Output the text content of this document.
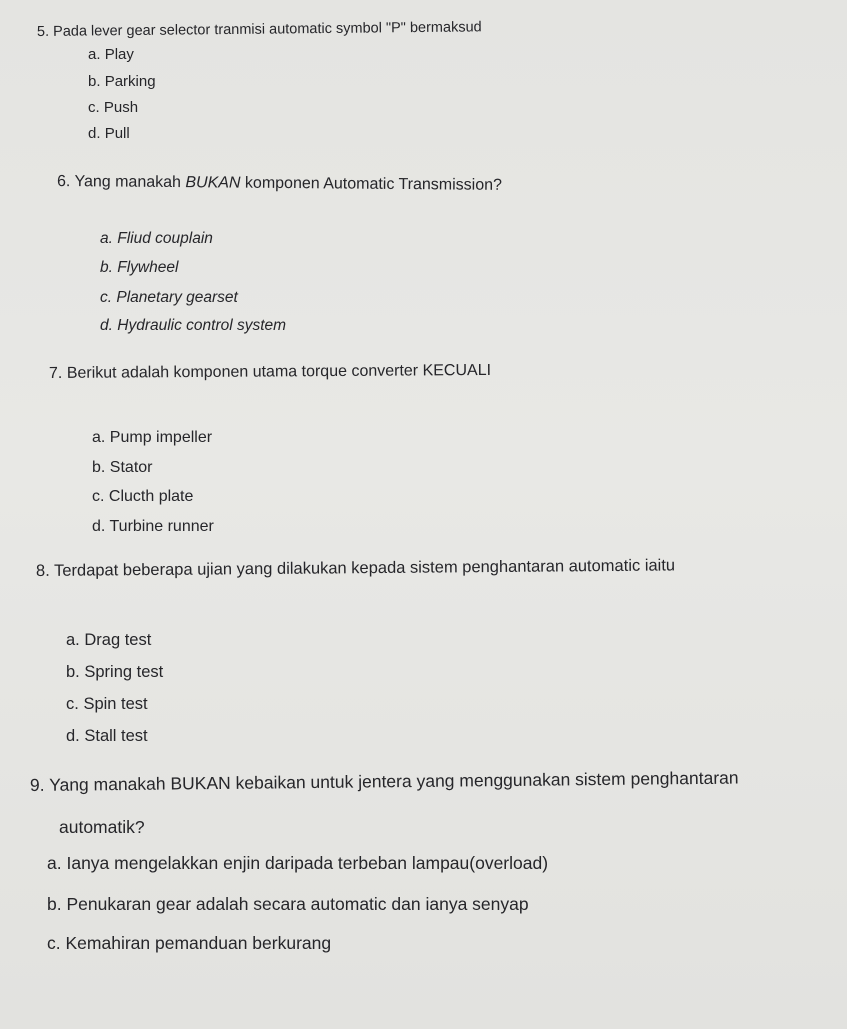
5. Pada lever gear selector tranmisi automatic symbol "P" bermaksud

a. Play
b. Parking
c. Push
d. Pull

6. Yang manakah BUKAN komponen Automatic Transmission?

a. Fliud couplain
b. Flywheel
c. Planetary gearset
d. Hydraulic control system

7. Berikut adalah komponen utama torque converter KECUALI

a. Pump impeller
b. Stator
c. Clucth plate
d. Turbine runner

8. Terdapat beberapa ujian yang dilakukan kepada sistem penghantaran automatic iaitu

a. Drag test
b. Spring test
c. Spin test
d. Stall test

9. Yang manakah BUKAN kebaikan untuk jentera yang menggunakan sistem penghantaran

automatik?

a. Ianya mengelakkan enjin daripada terbeban lampau(overload)
b. Penukaran gear adalah secara automatic dan ianya senyap
c. Kemahiran pemanduan berkurang
